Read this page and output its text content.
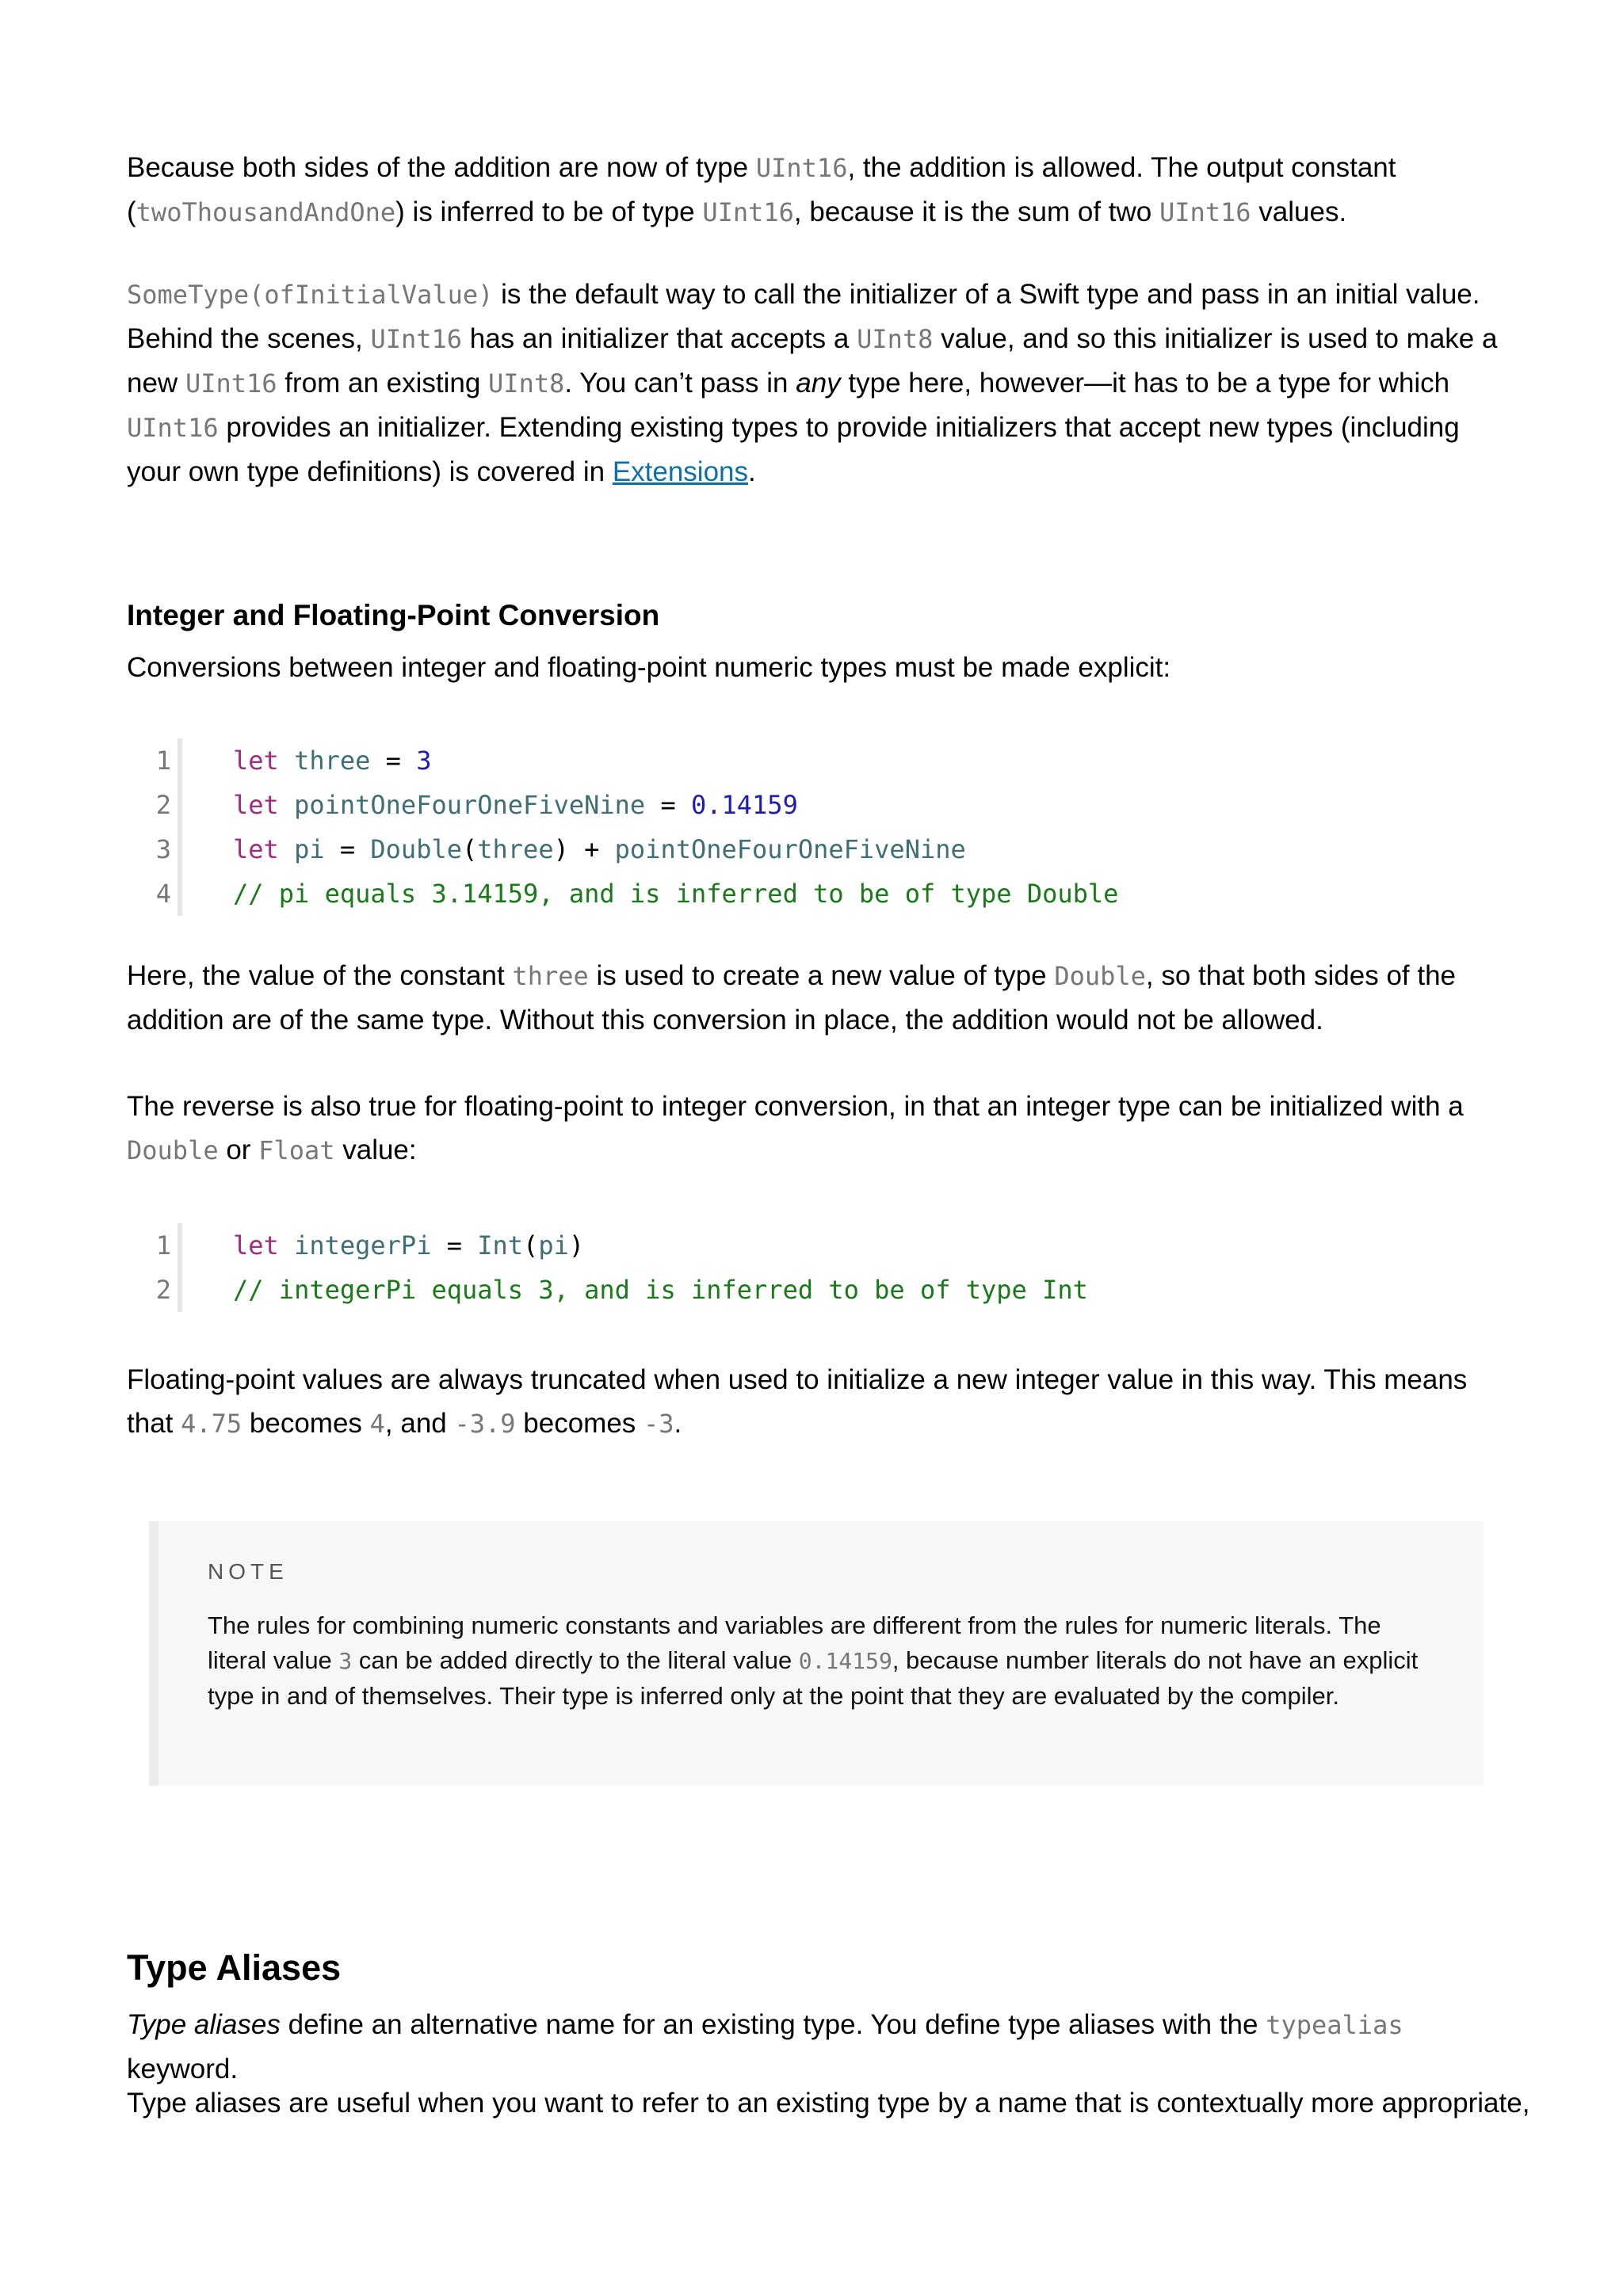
Because both sides of the addition are now of type UInt16, the addition is allowed. The output constant (twoThousandAndOne) is inferred to be of type UInt16, because it is the sum of two UInt16 values.

SomeType(ofInitialValue) is the default way to call the initializer of a Swift type and pass in an initial value. Behind the scenes, UInt16 has an initializer that accepts a UInt8 value, and so this initializer is used to make a new UInt16 from an existing UInt8. You can’t pass in any type here, however—it has to be a type for which UInt16 provides an initializer. Extending existing types to provide initializers that accept new types (including your own type definitions) is covered in Extensions.

Integer and Floating-Point Conversion

Conversions between integer and floating-point numeric types must be made explicit:

1	let three = 3
2	let pointOneFourOneFiveNine = 0.14159
3	let pi = Double(three) + pointOneFourOneFiveNine
4	// pi equals 3.14159, and is inferred to be of type Double

Here, the value of the constant three is used to create a new value of type Double, so that both sides of the addition are of the same type. Without this conversion in place, the addition would not be allowed.

The reverse is also true for floating-point to integer conversion, in that an integer type can be initialized with a Double or Float value:

1	let integerPi = Int(pi)
2	// integerPi equals 3, and is inferred to be of type Int

Floating-point values are always truncated when used to initialize a new integer value in this way. This means that 4.75 becomes 4, and -3.9 becomes -3.

Type Aliases

Type aliases define an alternative name for an existing type. You define type aliases with the typealias keyword.

Type aliases are useful when you want to refer to an existing type by a name that is contextually more appropriate,

NOTE
The rules for combining numeric constants and variables are different from the rules for numeric literals. The literal value 3 can be added directly to the literal value 0.14159, because number literals do not have an explicit type in and of themselves. Their type is inferred only at the point that they are evaluated by the compiler.
